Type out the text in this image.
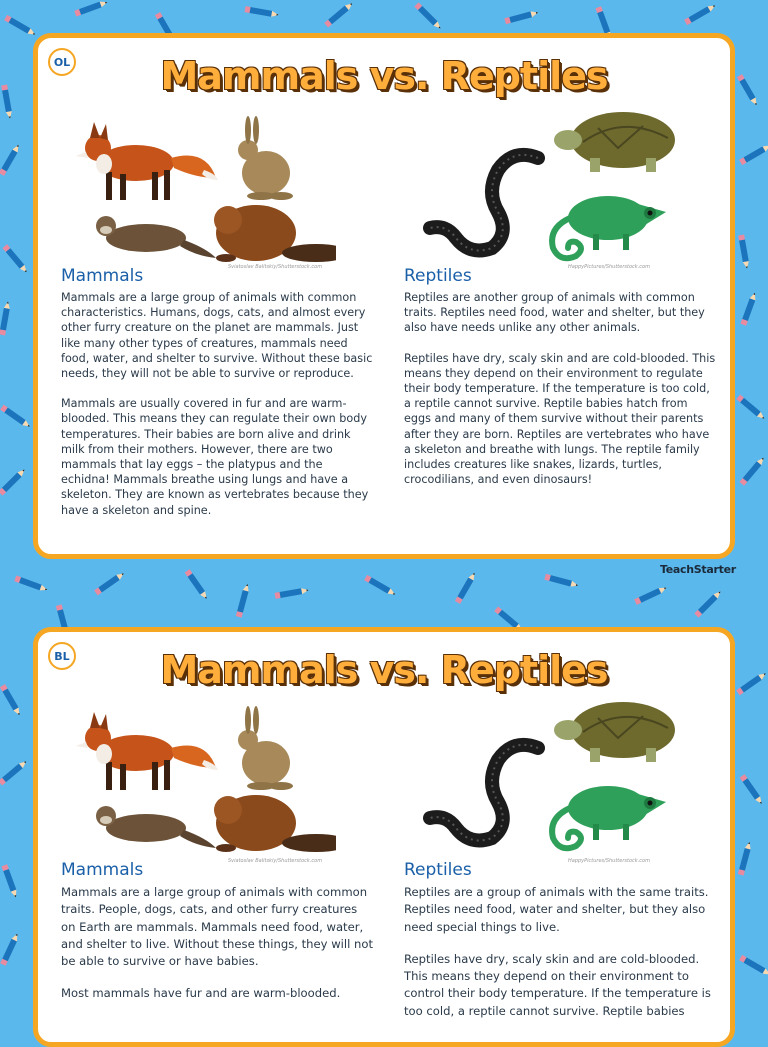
OL	Mammals vs. Reptiles
Sviatoslav Balitskiy/Shutterstock.com	HappyPictures/Shutterstock.com
Mammals

Mammals are a large group of animals with common characteristics. Humans, dogs, cats, and almost every other furry creature on the planet are mammals. Just like many other types of creatures, mammals need food, water, and shelter to survive. Without these basic needs, they will not be able to survive or reproduce.

Mammals are usually covered in fur and are warm-blooded. This means they can regulate their own body temperatures. Their babies are born alive and drink milk from their mothers. However, there are two mammals that lay eggs – the platypus and the echidna! Mammals breathe using lungs and have a skeleton. They are known as vertebrates because they have a skeleton and spine.

Reptiles

Reptiles are another group of animals with common traits. Reptiles need food, water and shelter, but they also have needs unlike any other animals.

Reptiles have dry, scaly skin and are cold-blooded. This means they depend on their environment to regulate their body temperature. If the temperature is too cold, a reptile cannot survive. Reptile babies hatch from eggs and many of them survive without their parents after they are born. Reptiles are vertebrates who have a skeleton and breathe with lungs. The reptile family includes creatures like snakes, lizards, turtles, crocodilians, and even dinosaurs!

TeachStarter
BL	Mammals vs. Reptiles
Sviatoslav Balitskiy/Shutterstock.com	HappyPictures/Shutterstock.com
Mammals

Mammals are a large group of animals with common traits. People, dogs, cats, and other furry creatures on Earth are mammals. Mammals need food, water, and shelter to live. Without these things, they will not be able to survive or have babies.

Most mammals have fur and are warm-blooded.

Reptiles

Reptiles are a group of animals with the same traits. Reptiles need food, water and shelter, but they also need special things to live.

Reptiles have dry, scaly skin and are cold-blooded. This means they depend on their environment to control their body temperature. If the temperature is too cold, a reptile cannot survive. Reptile babies
